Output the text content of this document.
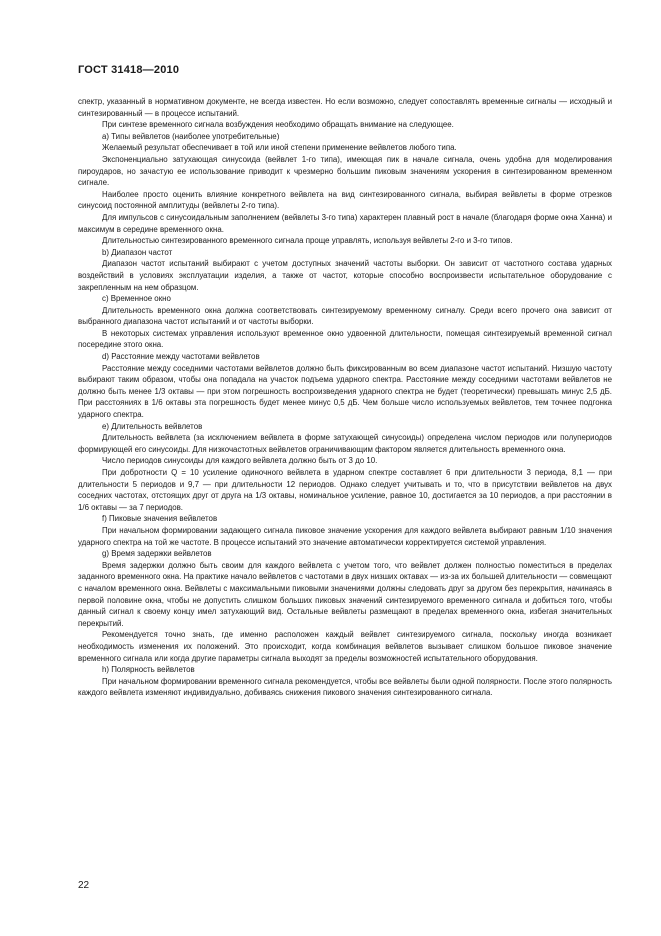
ГОСТ 31418—2010

спектр, указанный в нормативном документе, не всегда известен. Но если возможно, следует сопоставлять временные сигналы — исходный и синтезированный — в процессе испытаний.

При синтезе временного сигнала возбуждения необходимо обращать внимание на следующее.

а) Типы вейвлетов (наиболее употребительные)

Желаемый результат обеспечивает в той или иной степени применение вейвлетов любого типа.

Экспоненциально затухающая синусоида (вейвлет 1-го типа), имеющая пик в начале сигнала, очень удобна для моделирования пироударов, но зачастую ее использование приводит к чрезмерно большим пиковым значениям ускорения в синтезированном временном сигнале.

Наиболее просто оценить влияние конкретного вейвлета на вид синтезированного сигнала, выбирая вейвлеты в форме отрезков синусоид постоянной амплитуды (вейвлеты 2-го типа).

Для импульсов с синусоидальным заполнением (вейвлеты 3-го типа) характерен плавный рост в начале (благодаря форме окна Ханна) и максимум в середине временного окна.

Длительностью синтезированного временного сигнала проще управлять, используя вейвлеты 2-го и 3-го типов.

b) Диапазон частот

Диапазон частот испытаний выбирают с учетом доступных значений частоты выборки. Он зависит от частотного состава ударных воздействий в условиях эксплуатации изделия, а также от частот, которые способно воспроизвести испытательное оборудование с закрепленным на нем образцом.

c) Временное окно

Длительность временного окна должна соответствовать синтезируемому временному сигналу. Среди всего прочего она зависит от выбранного диапазона частот испытаний и от частоты выборки.

В некоторых системах управления используют временное окно удвоенной длительности, помещая синтезируемый временной сигнал посередине этого окна.

d) Расстояние между частотами вейвлетов

Расстояние между соседними частотами вейвлетов должно быть фиксированным во всем диапазоне частот испытаний. Низшую частоту выбирают таким образом, чтобы она попадала на участок подъема ударного спектра. Расстояние между соседними частотами вейвлетов не должно быть менее 1/3 октавы — при этом погрешность воспроизведения ударного спектра не будет (теоретически) превышать минус 2,5 дБ. При расстояниях в 1/6 октавы эта погрешность будет менее минус 0,5 дБ. Чем больше число используемых вейвлетов, тем точнее подгонка ударного спектра.

e) Длительность вейвлетов

Длительность вейвлета (за исключением вейвлета в форме затухающей синусоиды) определена числом периодов или полупериодов формирующей его синусоиды. Для низкочастотных вейвлетов ограничивающим фактором является длительность временного окна.

Число периодов синусоиды для каждого вейвлета должно быть от 3 до 10.

При добротности Q = 10 усиление одиночного вейвлета в ударном спектре составляет 6 при длительности 3 периода, 8,1 — при длительности 5 периодов и 9,7 — при длительности 12 периодов. Однако следует учитывать и то, что в присутствии вейвлетов на двух соседних частотах, отстоящих друг от друга на 1/3 октавы, номинальное усиление, равное 10, достигается за 10 периодов, а при расстоянии в 1/6 октавы — за 7 периодов.

f) Пиковые значения вейвлетов

При начальном формировании задающего сигнала пиковое значение ускорения для каждого вейвлета выбирают равным 1/10 значения ударного спектра на той же частоте. В процессе испытаний это значение автоматически корректируется системой управления.

g) Время задержки вейвлетов

Время задержки должно быть своим для каждого вейвлета с учетом того, что вейвлет должен полностью поместиться в пределах заданного временного окна. На практике начало вейвлетов с частотами в двух низших октавах — из-за их большей длительности — совмещают с началом временного окна. Вейвлеты с максимальными пиковыми значениями должны следовать друг за другом без перекрытия, начинаясь в первой половине окна, чтобы не допустить слишком больших пиковых значений синтезируемого временного сигнала и добиться того, чтобы данный сигнал к своему концу имел затухающий вид. Остальные вейвлеты размещают в пределах временного окна, избегая значительных перекрытий.

Рекомендуется точно знать, где именно расположен каждый вейвлет синтезируемого сигнала, поскольку иногда возникает необходимость изменения их положений. Это происходит, когда комбинация вейвлетов вызывает слишком большое пиковое значение временного сигнала или когда другие параметры сигнала выходят за пределы возможностей испытательного оборудования.

h) Полярность вейвлетов

При начальном формировании временного сигнала рекомендуется, чтобы все вейвлеты были одной полярности. После этого полярность каждого вейвлета изменяют индивидуально, добиваясь снижения пикового значения синтезированного сигнала.

22
